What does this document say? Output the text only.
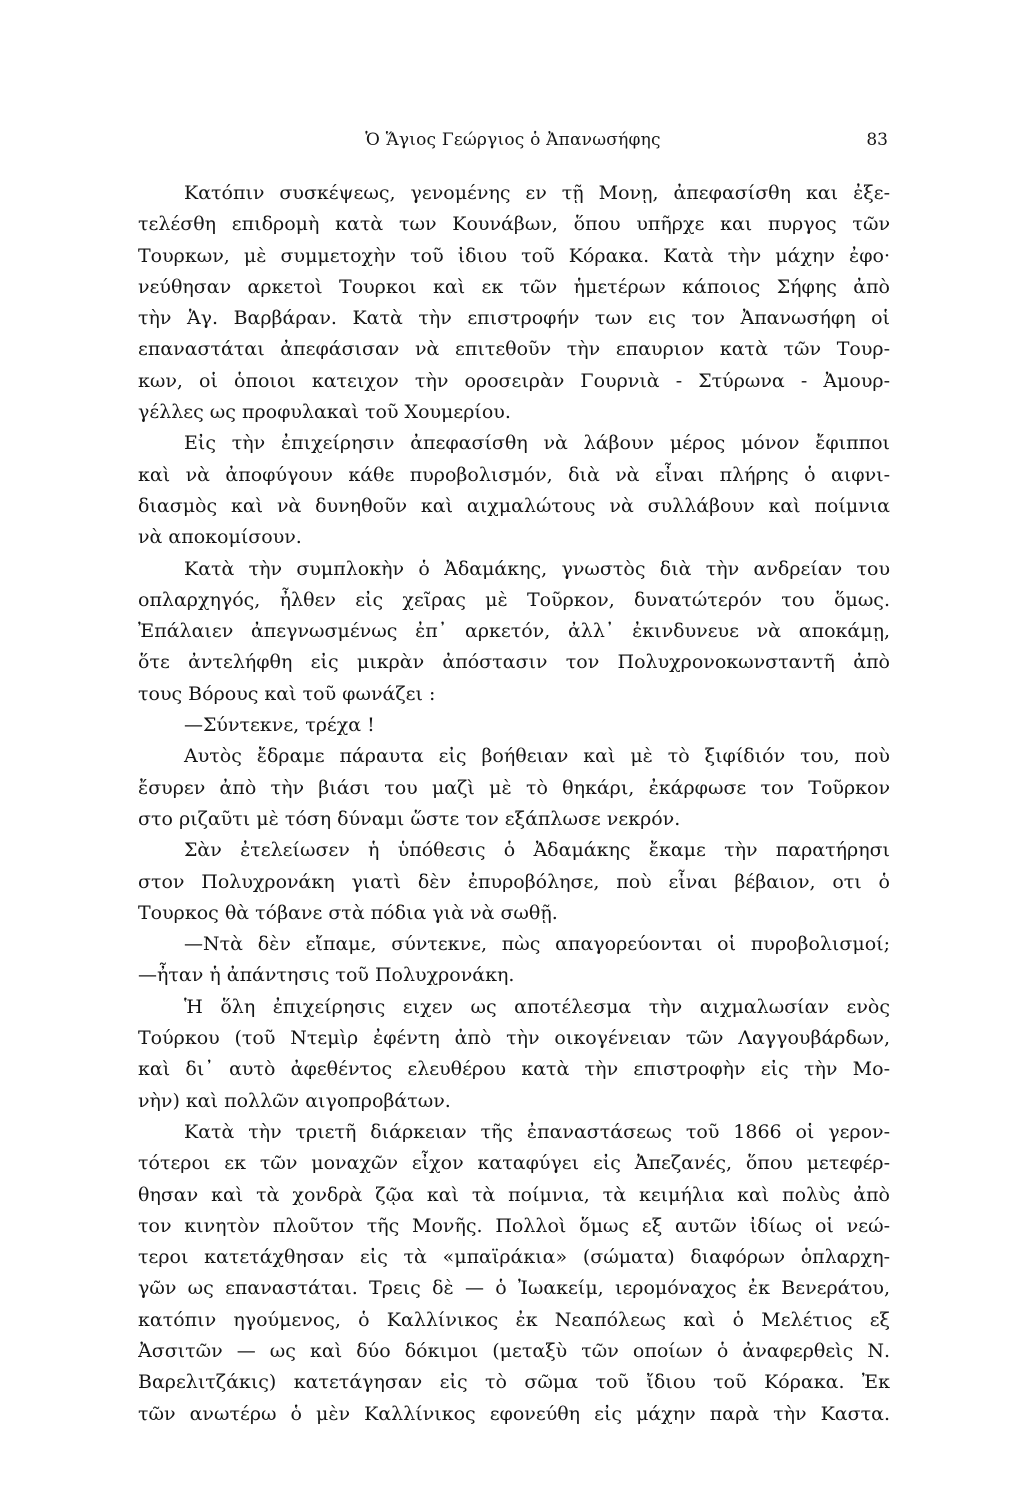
Ὁ Ἅγιος Γεώργιος ὁ Ἀπανωσήφης	83
Κατόπιν συσκέψεως, γενομένης εν τῇ Μονῃ, ἀπεφασίσθη και ἐξε-
τελέσθη επιδρομὴ κατὰ των Κουνάβων, ὅπου υπῆρχε και πυργος τῶν
Τουρκων, μὲ συμμετοχὴν τοῦ ἰδιου τοῦ Κόρακα. Κατὰ τὴν μάχην ἐφο·
νεύθησαν αρκετοὶ Τουρκοι καὶ εκ τῶν ἡμετέρων κάποιος Σήφης ἀπὸ
τὴν Ἁγ. Βαρβάραν. Κατὰ τὴν επιστροφήν των εις τον Ἀπανωσήφη οἱ
επαναστάται ἀπεφάσισαν νὰ επιτεθοῦν τὴν επαυριον κατὰ τῶν Τουρ-
κων, οἱ ὁποιοι κατειχον τὴν οροσειρὰν Γουρνιὰ - Στύρωνα - Ἀμουρ-
γέλλες ως προφυλακαὶ τοῦ Χουμερίου.
Εἰς τὴν ἐπιχείρησιν ἀπεφασίσθη νὰ λάβουν μέρος μόνον ἔφιπποι
καὶ νὰ ἀποφύγουν κάθε πυροβολισμόν, διὰ νὰ εἶναι πλήρης ὁ αιφνι-
διασμὸς καὶ νὰ δυνηθοῦν καὶ αιχμαλώτους νὰ συλλάβουν καὶ ποίμνια
νὰ αποκομίσουν.
Κατὰ τὴν συμπλοκὴν ὁ Ἀδαμάκης, γνωστὸς διὰ τὴν ανδρείαν του
οπλαρχηγός, ἦλθεν εἰς χεῖρας μὲ Τοῦρκον, δυνατώτερόν του ὅμως.
Ἐπάλαιεν ἀπεγνωσμένως ἐπ᾿ αρκετόν, ἀλλ᾿ ἐκινδυνευε νὰ αποκάμῃ,
ὅτε ἀντελήφθη εἰς μικρὰν ἀπόστασιν τον Πολυχρονοκωνσταντῆ ἀπὸ
τους Βόρους καὶ τοῦ φωνάζει :
—Σύντεκνε, τρέχα !
Αυτὸς ἔδραμε πάραυτα εἰς βοήθειαν καὶ μὲ τὸ ξιφίδιόν του, ποὺ
ἔσυρεν ἀπὸ τὴν βιάσι του μαζὶ μὲ τὸ θηκάρι, ἐκάρφωσε τον Τοῦρκον
στο ριζαῦτι μὲ τόση δύναμι ὥστε τον εξάπλωσε νεκρόν.
Σὰν ἐτελείωσεν ἡ ὑπόθεσις ὁ Ἀδαμάκης ἔκαμε τὴν παρατήρησι
στον Πολυχρονάκη γιατὶ δὲν ἐπυροβόλησε, ποὺ εἶναι βέβαιον, οτι ὁ
Τουρκος θὰ τόβανε στὰ πόδια γιὰ νὰ σωθῇ.
—Ντὰ δὲν εἴπαμε, σύντεκνε, πὼς απαγορεύονται οἱ πυροβολισμοί;
—ἦταν ἡ ἀπάντησις τοῦ Πολυχρονάκη.
Ἡ ὅλη ἐπιχείρησις ειχεν ως αποτέλεσμα τὴν αιχμαλωσίαν ενὸς
Τούρκου (τοῦ Ντεμὶρ ἐφέντη ἀπὸ τὴν οικογένειαν τῶν Λαγγουβάρδων,
καὶ δι᾿ αυτὸ ἀφεθέντος ελευθέρου κατὰ τὴν επιστροφὴν εἰς τὴν Μο-
νὴν) καὶ πολλῶν αιγοπροβάτων.
Κατὰ τὴν τριετῆ διάρκειαν τῆς ἐπαναστάσεως τοῦ 1866 οἱ γερον-
τότεροι εκ τῶν μοναχῶν εἶχον καταφύγει εἰς Ἀπεζανές, ὅπου μετεφέρ-
θησαν καὶ τὰ χονδρὰ ζῷα καὶ τὰ ποίμνια, τὰ κειμήλια καὶ πολὺς ἀπὸ
τον κινητὸν πλοῦτον τῆς Μονῆς. Πολλοὶ ὅμως εξ αυτῶν ἰδίως οἱ νεώ-
τεροι κατετάχθησαν εἰς τὰ «μπαϊράκια» (σώματα) διαφόρων ὁπλαρχη-
γῶν ως επαναστάται. Τρεις δὲ — ὁ Ἰωακείμ, ιερομόναχος ἐκ Βενεράτου,
κατόπιν ηγούμενος, ὁ Καλλίνικος ἐκ Νεαπόλεως καὶ ὁ Μελέτιος εξ
Ἀσσιτῶν — ως καὶ δύο δόκιμοι (μεταξὺ τῶν οποίων ὁ ἀναφερθεὶς Ν.
Βαρελιτζάκις) κατετάγησαν εἰς τὸ σῶμα τοῦ ἴδιου τοῦ Κόρακα. Ἐκ
τῶν ανωτέρω ὁ μὲν Καλλίνικος εφονεύθη εἰς μάχην παρὰ τὴν Καστα.
